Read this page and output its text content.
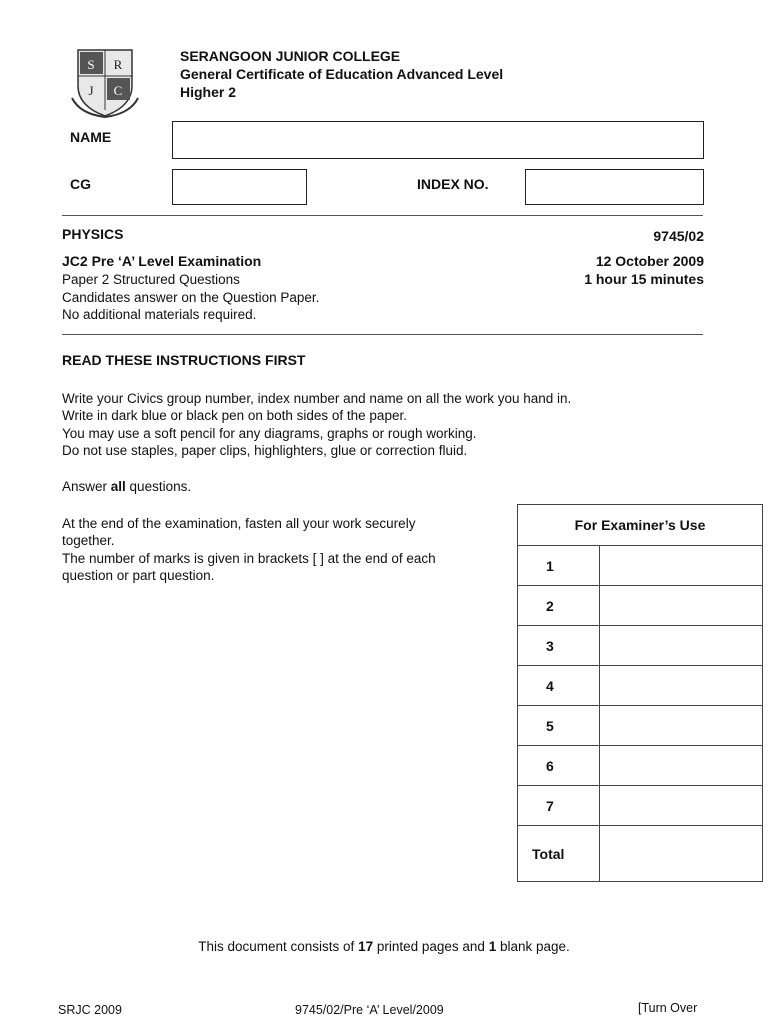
S R
J C
SERANGOON JUNIOR COLLEGE
General Certificate of Education Advanced Level
Higher 2
NAME
CG	INDEX NO.
PHYSICS	9745/02
JC2 Pre ‘A’ Level Examination	12 October 2009
Paper 2 Structured Questions	1 hour 15 minutes
Candidates answer on the Question Paper.
No additional materials required.
READ THESE INSTRUCTIONS FIRST
Write your Civics group number, index number and name on all the work you hand in.
Write in dark blue or black pen on both sides of the paper.
You may use a soft pencil for any diagrams, graphs or rough working.
Do not use staples, paper clips, highlighters, glue or correction fluid.
Answer all questions.
At the end of the examination, fasten all your work securely
together.
The number of marks is given in brackets [ ] at the end of each
question or part question.
For Examiner’s Use	
1	
2	
3	
4	
5	
6	
7	
Total	
This document consists of 17 printed pages and 1 blank page.
SRJC 2009	9745/02/Pre ‘A’ Level/2009	[Turn Over
